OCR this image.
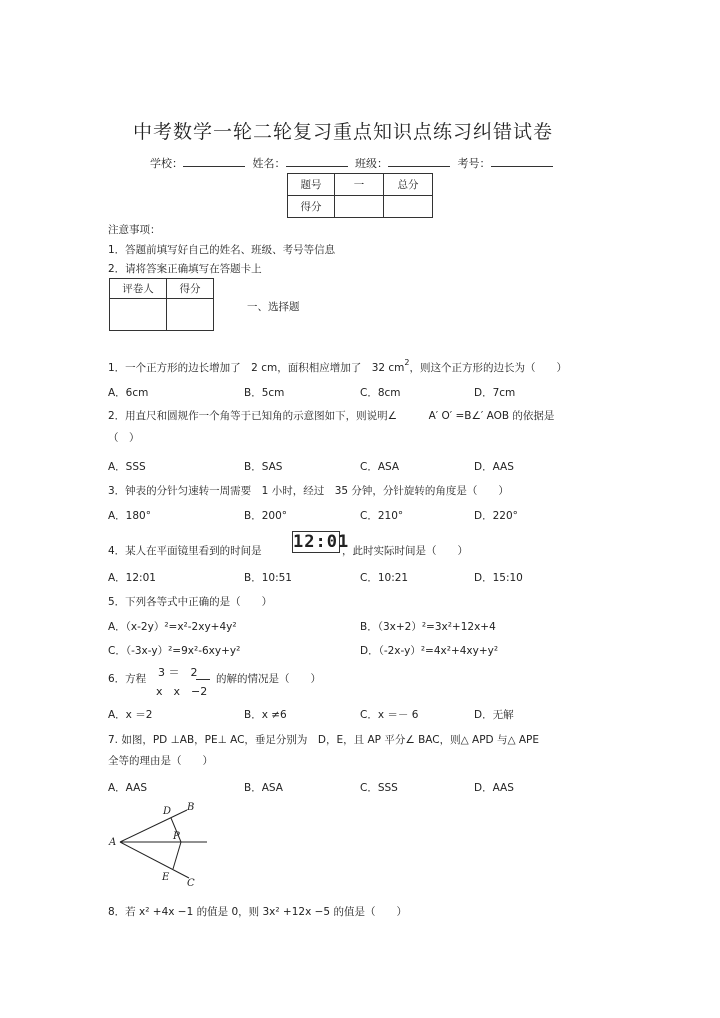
中考数学一轮二轮复习重点知识点练习纠错试卷
学校：	姓名：	班级：	考号：
题号	一	总分
得分		
注意事项：
1．答题前填写好自己的姓名、班级、考号等信息
2．请将答案正确填写在答题卡上
评卷人	得分

一、选择题
1．一个正方形的边长增加了　2 cm，面积相应增加了　32 $cm^2$，则这个正方形的边长为（　　）
A．6cm	B．5cm	C．8cm	D．7cm
2．用直尺和圆规作一个角等于已知角的示意图如下，则说明∠　　　A′ O′ =B∠′ AOB 的依据是
（　）
A．SSS	B．SAS	C．ASA	D．AAS
3．钟表的分针匀速转一周需要　1 小时，经过　35 分钟，分针旋转的角度是（　　）
A．180°	B．200°	C．210°	D．220°
4．某人在平面镜里看到的时间是 12:01
，此时实际时间是（　　）
A．12:01	B．10:51	C．10:21	D．15:10
5．下列各等式中正确的是（　　）
A．（x-2y）²=x²-2xy+4y²	B．（3x+2）²=3x²+12x+4
C．（-3x-y）²=9x²-6xy+y²	D．（-2x-y）²=4x²+4xy+y²
6．方程 3 ＝　2
x　x　−2
的解的情况是（　　）
A．x ＝2	B．x ≠6	C．x ＝－ 6	D．无解
7. 如图，PD ⊥AB，PE⊥ AC，垂足分别为　D，E，且 AP 平分∠ BAC，则△ APD 与△ APE
全等的理由是（　　）
A．AAS	B．ASA	C．SSS	D．AAS
D B
A
P
E
C
8．若 x² +4x −1 的值是 0，则 3x² +12x −5 的值是（　　）
